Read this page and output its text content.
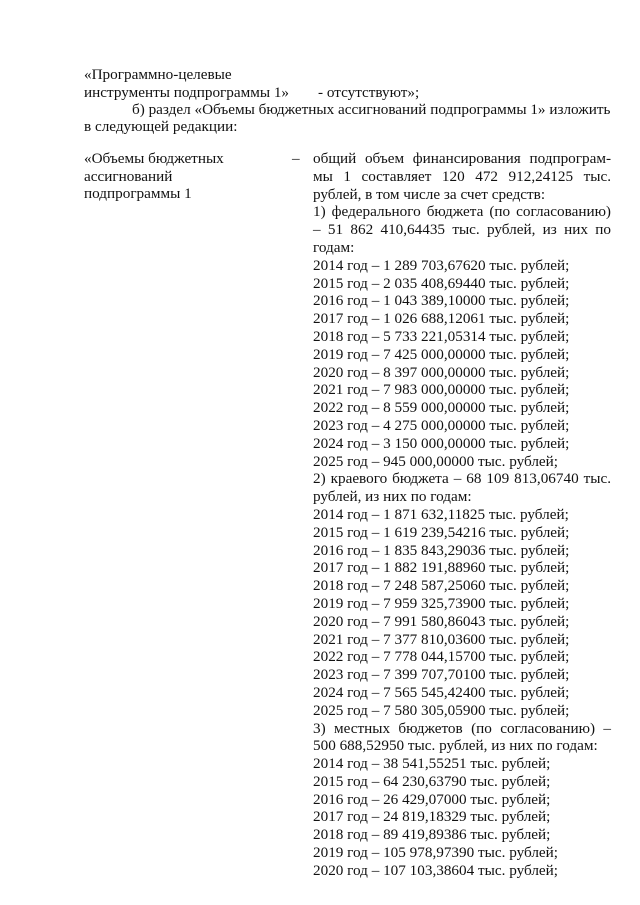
«Программно-целевые
инструменты подпрограммы 1» - отсутствуют»;
б) раздел «Объемы бюджетных ассигнований подпрограммы 1» изложить
в следующей редакции:
«Объемы бюджетных
ассигнований
подпрограммы 1
– общий объем финансирования подпрограм-
мы 1 составляет 120 472 912,24125 тыс.
рублей, в том числе за счет средств:
1) федерального бюджета (по согласованию)
– 51 862 410,64435 тыс. рублей, из них по
годам:
2014 год – 1 289 703,67620 тыс. рублей;
2015 год – 2 035 408,69440 тыс. рублей;
2016 год – 1 043 389,10000 тыс. рублей;
2017 год – 1 026 688,12061 тыс. рублей;
2018 год – 5 733 221,05314 тыс. рублей;
2019 год – 7 425 000,00000 тыс. рублей;
2020 год – 8 397 000,00000 тыс. рублей;
2021 год – 7 983 000,00000 тыс. рублей;
2022 год – 8 559 000,00000 тыс. рублей;
2023 год – 4 275 000,00000 тыс. рублей;
2024 год – 3 150 000,00000 тыс. рублей;
2025 год – 945 000,00000 тыс. рублей;
2) краевого бюджета – 68 109 813,06740 тыс.
рублей, из них по годам:
2014 год – 1 871 632,11825 тыс. рублей;
2015 год – 1 619 239,54216 тыс. рублей;
2016 год – 1 835 843,29036 тыс. рублей;
2017 год – 1 882 191,88960 тыс. рублей;
2018 год – 7 248 587,25060 тыс. рублей;
2019 год – 7 959 325,73900 тыс. рублей;
2020 год – 7 991 580,86043 тыс. рублей;
2021 год – 7 377 810,03600 тыс. рублей;
2022 год – 7 778 044,15700 тыс. рублей;
2023 год – 7 399 707,70100 тыс. рублей;
2024 год – 7 565 545,42400 тыс. рублей;
2025 год – 7 580 305,05900 тыс. рублей;
3) местных бюджетов (по согласованию) –
500 688,52950 тыс. рублей, из них по годам:
2014 год – 38 541,55251 тыс. рублей;
2015 год – 64 230,63790 тыс. рублей;
2016 год – 26 429,07000 тыс. рублей;
2017 год – 24 819,18329 тыс. рублей;
2018 год – 89 419,89386 тыс. рублей;
2019 год – 105 978,97390 тыс. рублей;
2020 год – 107 103,38604 тыс. рублей;
